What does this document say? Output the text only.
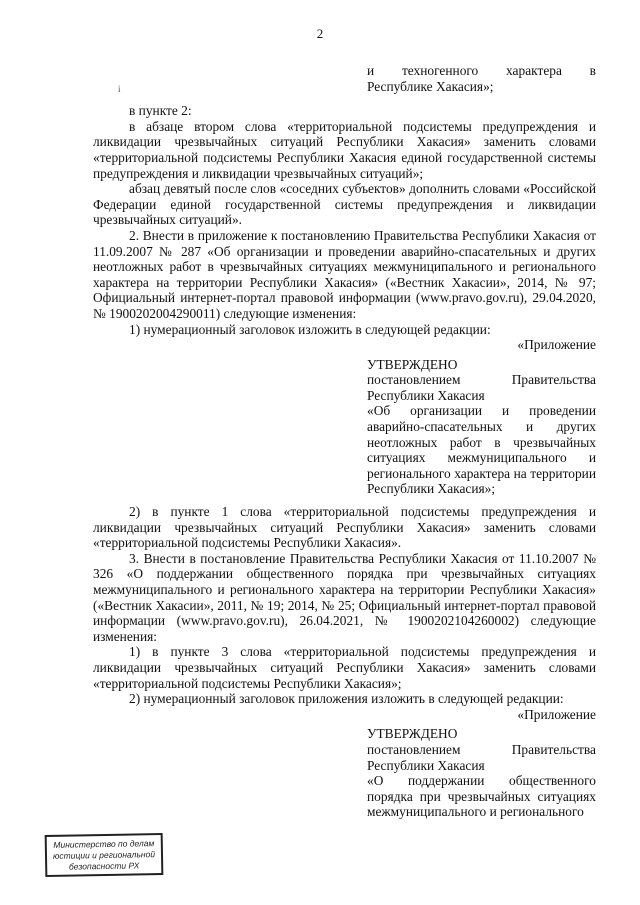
2
і

и техногенного характера в

Республике Хакасия»;

в пункте 2:

в абзаце втором слова «территориальной подсистемы предупреждения и ликвидации чрезвычайных ситуаций Республики Хакасия» заменить словами «территориальной подсистемы Республики Хакасия единой государственной системы предупреждения и ликвидации чрезвычайных ситуаций»;

абзац девятый после слов «соседних субъектов» дополнить словами «Российской Федерации единой государственной системы предупреждения и ликвидации чрезвычайных ситуаций».

2. Внести в приложение к постановлению Правительства Республики Хакасия от 11.09.2007 № 287 «Об организации и проведении аварийно-спасательных и других неотложных работ в чрезвычайных ситуациях межмуниципального и регионального характера на территории Республики Хакасия» («Вестник Хакасии», 2014, № 97; Официальный интернет-портал правовой информации (www.pravo.gov.ru), 29.04.2020, № 1900202004290011) следующие изменения:

1) нумерационный заголовок изложить в следующей редакции:

«Приложение

УТВЕРЖДЕНО

постановлением Правительства Республики Хакасия

«Об организации и проведении аварийно-спасательных и других неотложных работ в чрезвычайных ситуациях межмуниципального и регионального характера на территории Республики Хакасия»;

2) в пункте 1 слова «территориальной подсистемы предупреждения и ликвидации чрезвычайных ситуаций Республики Хакасия» заменить словами «территориальной подсистемы Республики Хакасия».

3. Внести в постановление Правительства Республики Хакасия от 11.10.2007 № 326 «О поддержании общественного порядка при чрезвычайных ситуациях межмуниципального и регионального характера на территории Республики Хакасия» («Вестник Хакасии», 2011, № 19; 2014, № 25; Официальный интернет-портал правовой информации (www.pravo.gov.ru), 26.04.2021, № 1900202104260002) следующие изменения:

1) в пункте 3 слова «территориальной подсистемы предупреждения и ликвидации чрезвычайных ситуаций Республики Хакасия» заменить словами «территориальной подсистемы Республики Хакасия»;

2) нумерационный заголовок приложения изложить в следующей редакции:

«Приложение

УТВЕРЖДЕНО

постановлением Правительства Республики Хакасия

«О поддержании общественного порядка при чрезвычайных ситуациях межмуниципального и регионального

Министерство по делам
юстиции и региональной
безопасности РХ
